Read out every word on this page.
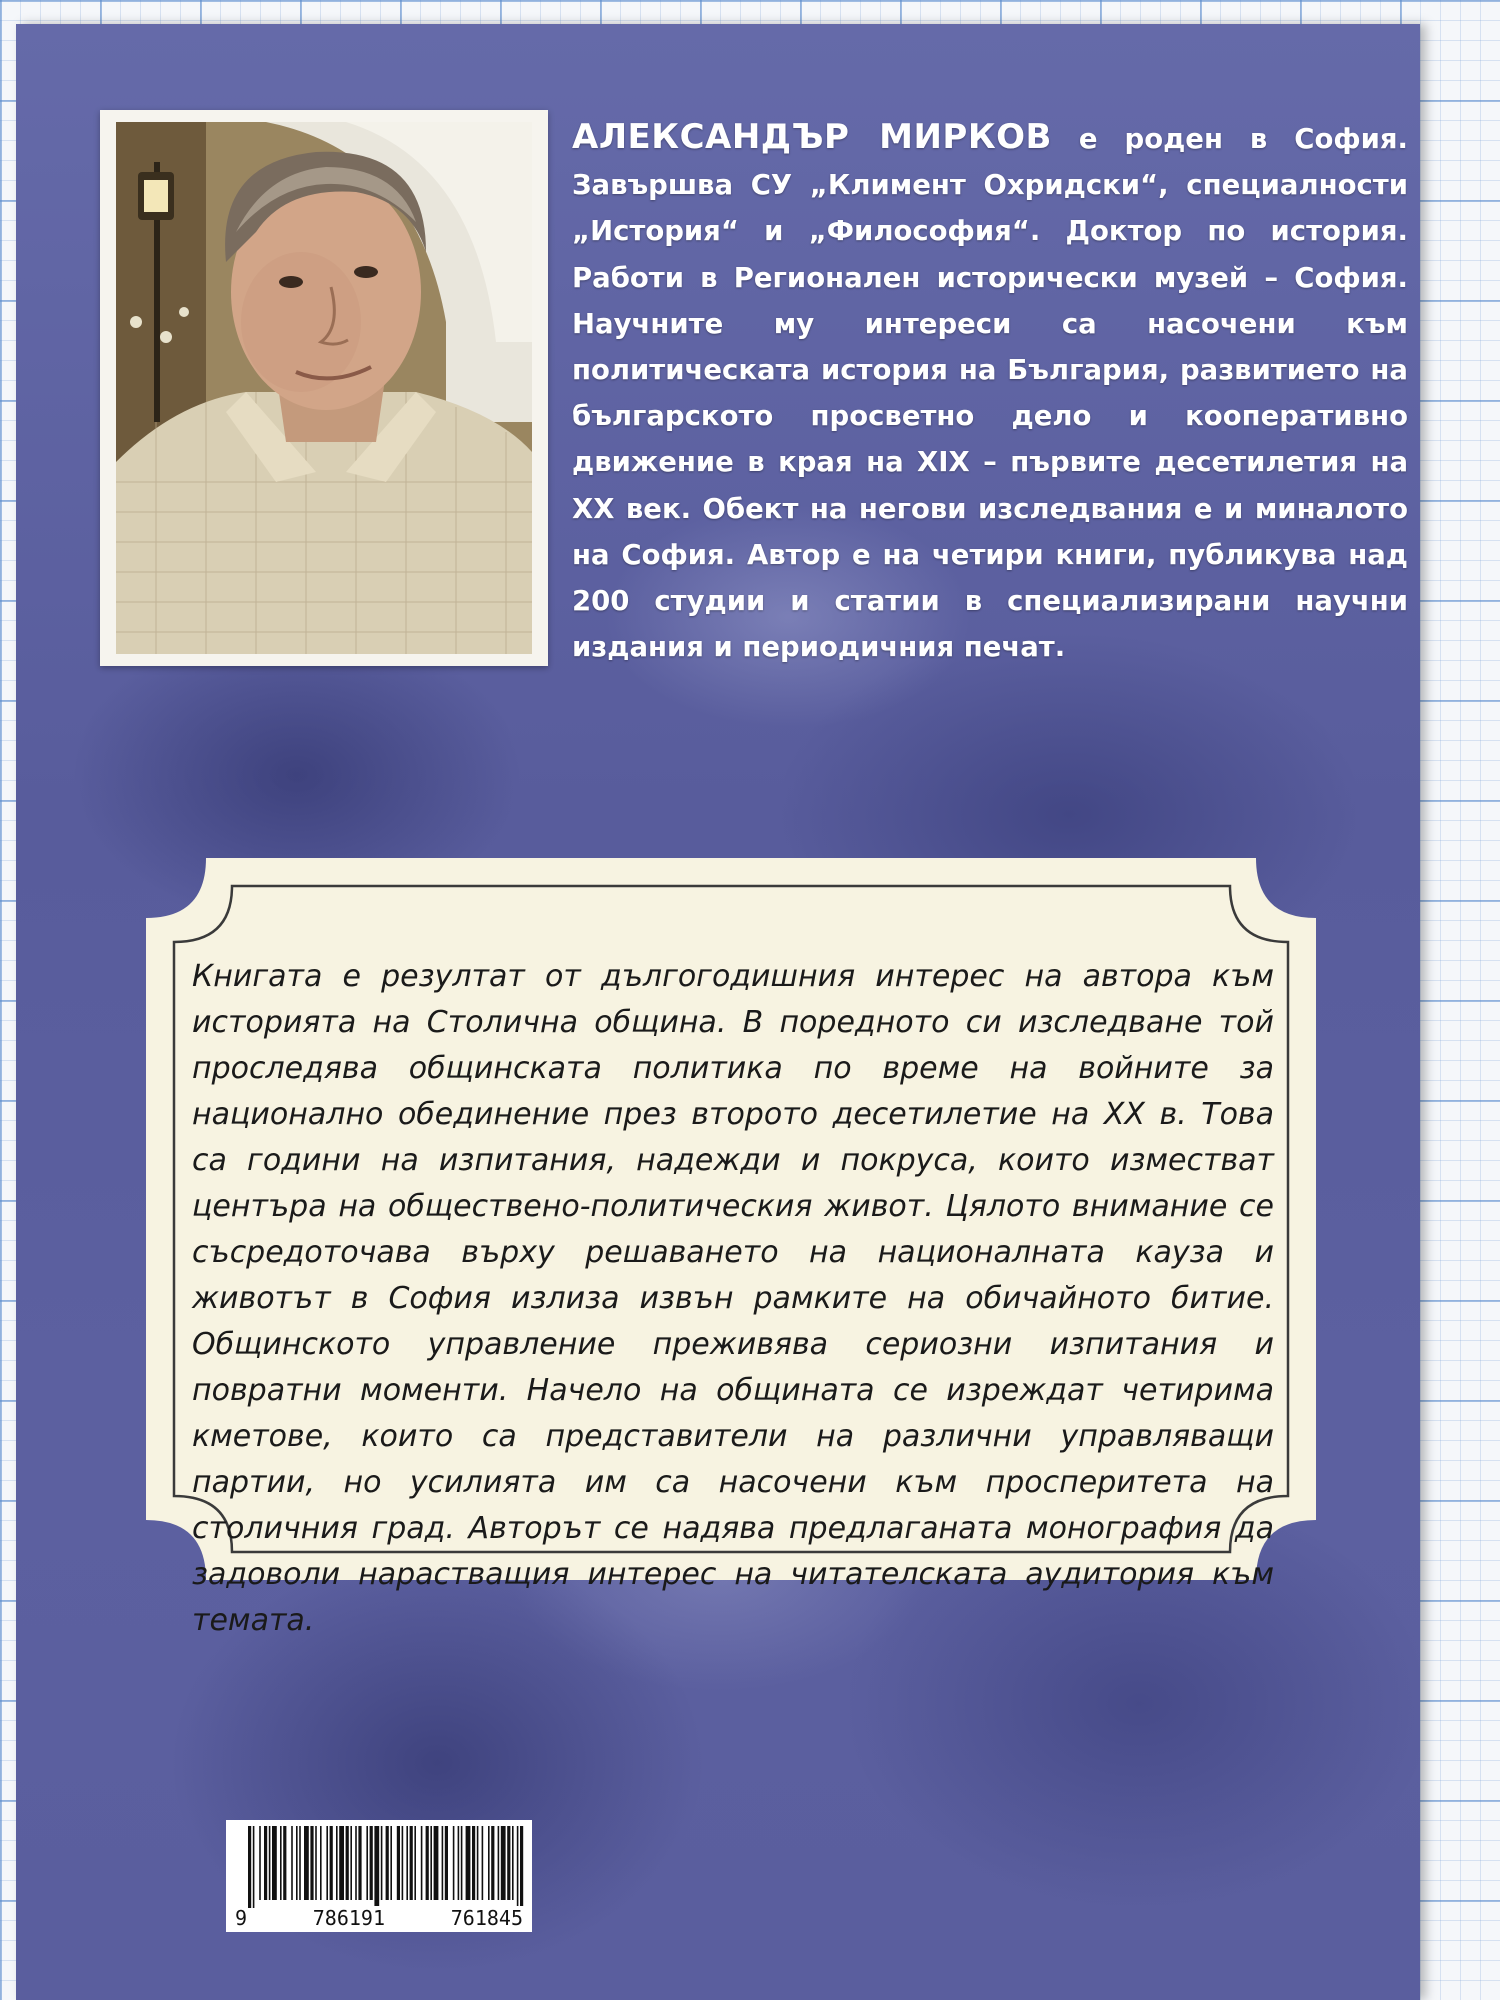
АЛЕКСАНДЪР МИРКОВ е роден в София. Завършва СУ „Климент Охридски“, специалности „История“ и „Философия“. Доктор по история. Работи в Регионален исторически музей – София. Научните му интереси са насочени към политическата история на България, развитието на българското просветно дело и кооперативно движение в края на XIX – първите десетилетия на XX век. Обект на негови изследвания е и миналото на София. Автор е на четири книги, публикува над 200 студии и статии в специализирани научни издания и периодичния печат.
Книгата е резултат от дългогодишния интерес на автора към историята на Столична община. В поредното си изследване той проследява общинската политика по време на войните за национално обединение през второто десетилетие на XX в. Това са години на изпитания, надежди и покруса, които изместват центъра на обществено-политическия живот. Цялото внимание се съсредоточава върху решаването на националната кауза и животът в София излиза извън рамките на обичайното битие. Общинското управление преживява сериозни изпитания и повратни моменти. Начело на общината се изреждат четирима кметове, които са представители на различни управляващи партии, но усилията им са насочени към просперитета на столичния град. Авторът се надява предлаганата монография да задоволи нарастващия интерес на читателската аудитория към темата.
9	786191	761845
